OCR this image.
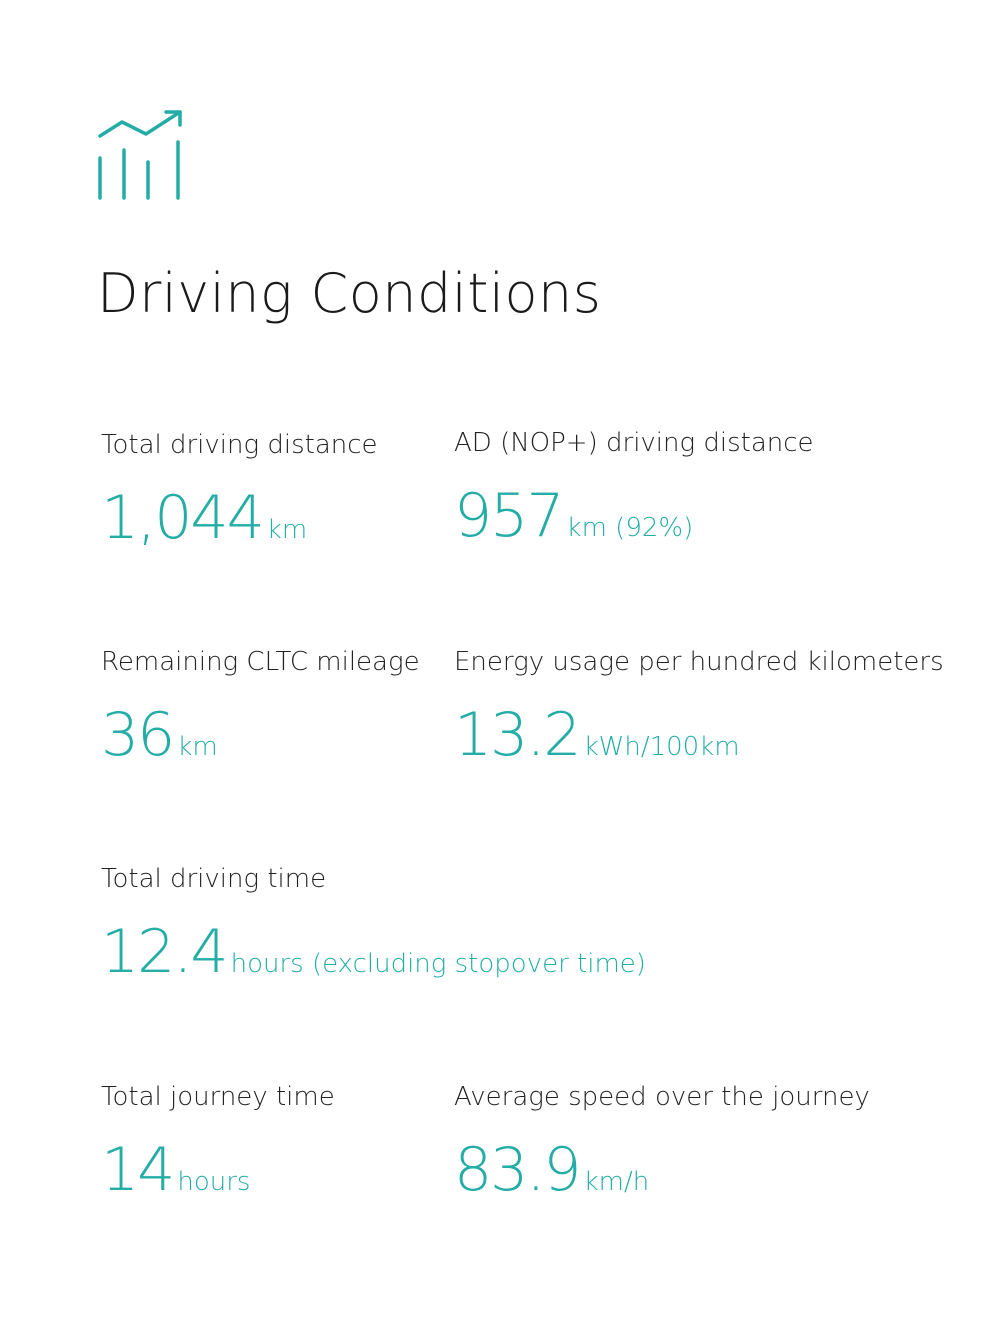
Driving Conditions

Total driving distance

1,044 km

AD (NOP+) driving distance

957 km (92%)

Remaining CLTC mileage

36 km

Energy usage per hundred kilometers

13.2 kWh/100km

Total driving time

12.4 hours (excluding stopover time)

Total journey time

14 hours

Average speed over the journey

83.9 km/h
